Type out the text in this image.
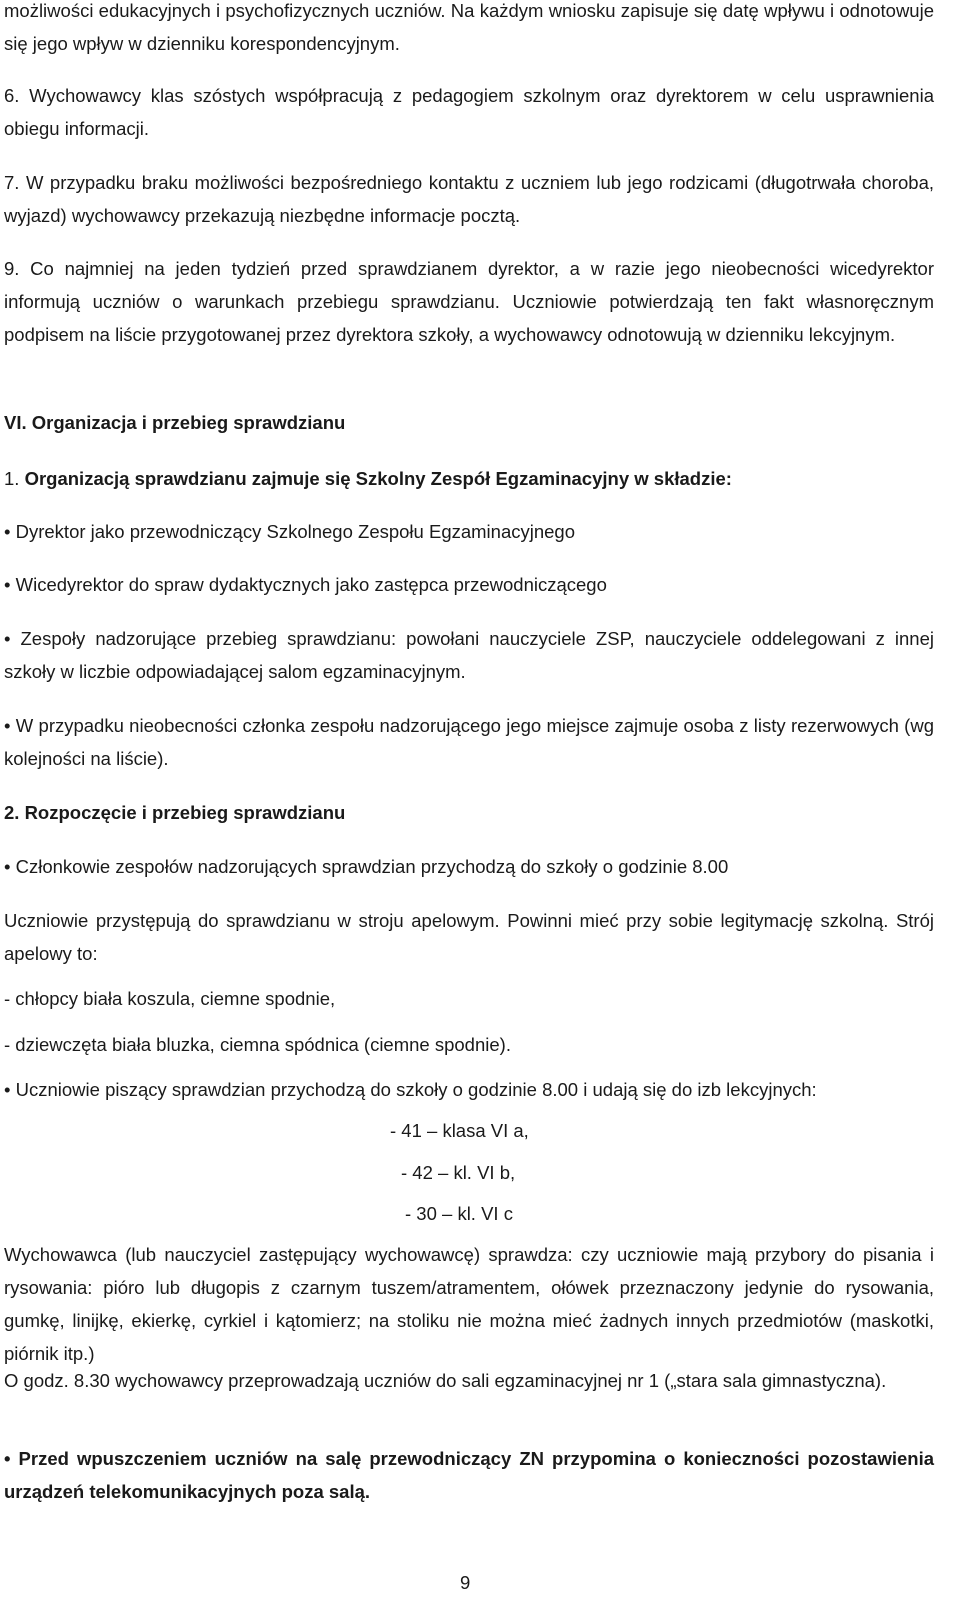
możliwości edukacyjnych i psychofizycznych uczniów. Na każdym wniosku zapisuje się datę wpływu i odnotowuje się jego wpływ w dzienniku korespondencyjnym.
6. Wychowawcy klas szóstych współpracują z pedagogiem szkolnym oraz dyrektorem w celu usprawnienia obiegu informacji.
7. W przypadku braku możliwości bezpośredniego kontaktu z uczniem lub jego rodzicami (długotrwała choroba, wyjazd) wychowawcy przekazują niezbędne informacje pocztą.
9. Co najmniej na jeden tydzień przed sprawdzianem dyrektor, a w razie jego nieobecności wicedyrektor informują uczniów o warunkach przebiegu sprawdzianu. Uczniowie potwierdzają ten fakt własnoręcznym podpisem na liście przygotowanej przez dyrektora szkoły, a wychowawcy odnotowują w dzienniku lekcyjnym.
VI. Organizacja i przebieg sprawdzianu
1. Organizacją sprawdzianu zajmuje się Szkolny Zespół Egzaminacyjny w składzie:
• Dyrektor jako przewodniczący Szkolnego Zespołu Egzaminacyjnego
• Wicedyrektor do spraw dydaktycznych jako zastępca przewodniczącego
• Zespoły nadzorujące przebieg sprawdzianu: powołani nauczyciele ZSP, nauczyciele oddelegowani z innej szkoły w liczbie odpowiadającej salom egzaminacyjnym.
• W przypadku nieobecności członka zespołu nadzorującego jego miejsce zajmuje osoba z listy rezerwowych (wg kolejności na liście).
2. Rozpoczęcie i przebieg sprawdzianu
• Członkowie zespołów nadzorujących sprawdzian przychodzą do szkoły o godzinie 8.00
Uczniowie przystępują do sprawdzianu w stroju apelowym. Powinni mieć przy sobie legitymację szkolną. Strój apelowy to:
- chłopcy biała koszula, ciemne spodnie,
- dziewczęta biała bluzka, ciemna spódnica (ciemne spodnie).
• Uczniowie piszący sprawdzian przychodzą do szkoły o godzinie 8.00 i udają się do izb lekcyjnych:
- 41 – klasa VI a,
- 42 – kl. VI b,
- 30 – kl. VI c
Wychowawca (lub nauczyciel zastępujący wychowawcę) sprawdza: czy uczniowie mają przybory do pisania i rysowania: pióro lub długopis z czarnym tuszem/atramentem, ołówek przeznaczony jedynie do rysowania, gumkę, linijkę, ekierkę, cyrkiel i kątomierz; na stoliku nie można mieć żadnych innych przedmiotów (maskotki, piórnik itp.)
O godz. 8.30 wychowawcy przeprowadzają uczniów do sali egzaminacyjnej nr 1 („stara sala gimnastyczna).
• Przed wpuszczeniem uczniów na salę przewodniczący ZN przypomina o konieczności pozostawienia urządzeń telekomunikacyjnych poza salą.
9
